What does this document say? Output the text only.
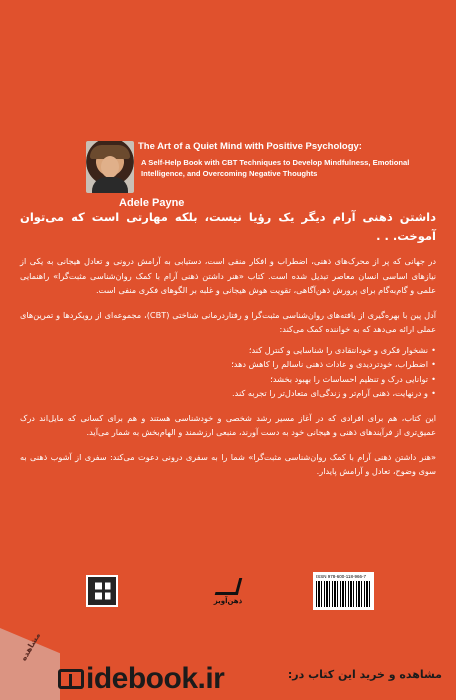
The Art of a Quiet Mind with Positive Psychology:
A Self-Help Book with CBT Techniques to Develop Mindfulness, Emotional Intelligence, and Overcoming Negative Thoughts
Adele Payne

داشتن ذهنی آرام دیگر یک رؤیا نیست، بلکه مهارتی است که می‌توان آموخت. . .

در جهانی که پر از محرک‌های ذهنی، اضطراب و افکار منفی است، دستیابی به آرامش درونی و تعادل هیجانی به یکی از نیازهای اساسی انسان معاصر تبدیل شده است. کتاب «هنر داشتن ذهنی آرام با کمک روان‌شناسی مثبت‌گرا» راهنمایی علمی و گام‌به‌گام برای پرورش ذهن‌آگاهی، تقویت هوش هیجانی و غلبه بر الگوهای فکری منفی است.

آدل پین با بهره‌گیری از یافته‌های روان‌شناسی مثبت‌گرا و رفتاردرمانی شناختی (CBT)، مجموعه‌ای از رویکردها و تمرین‌های عملی ارائه می‌دهد که به خواننده کمک می‌کند:

• نشخوار فکری و خودانتقادی را شناسایی و کنترل کند؛
• اضطراب، خودتردیدی و عادات ذهنی ناسالم را کاهش دهد؛
• توانایی درک و تنظیم احساسات را بهبود بخشد؛
• و درنهایت، ذهنی آرام‌تر و زندگی‌ای متعادل‌تر را تجربه کند.

این کتاب، هم برای افرادی که در آغاز مسیر رشد شخصی و خودشناسی هستند و هم برای کسانی که مایل‌اند درک عمیق‌تری از فرآیندهای ذهنی و هیجانی خود به دست آورند، منبعی ارزشمند و الهام‌بخش به شمار می‌آید.

«هنر داشتن ذهنی آرام با کمک روان‌شناسی مثبت‌گرا» شما را به سفری درونی دعوت می‌کند: سفری از آشوب ذهنی به سوی وضوح، تعادل و آرامش پایدار.

ذهن‌آویز
ISSN 978-600-118-966-7
مشاهده
idebook.ir	مشاهده و خرید این کتاب در:
